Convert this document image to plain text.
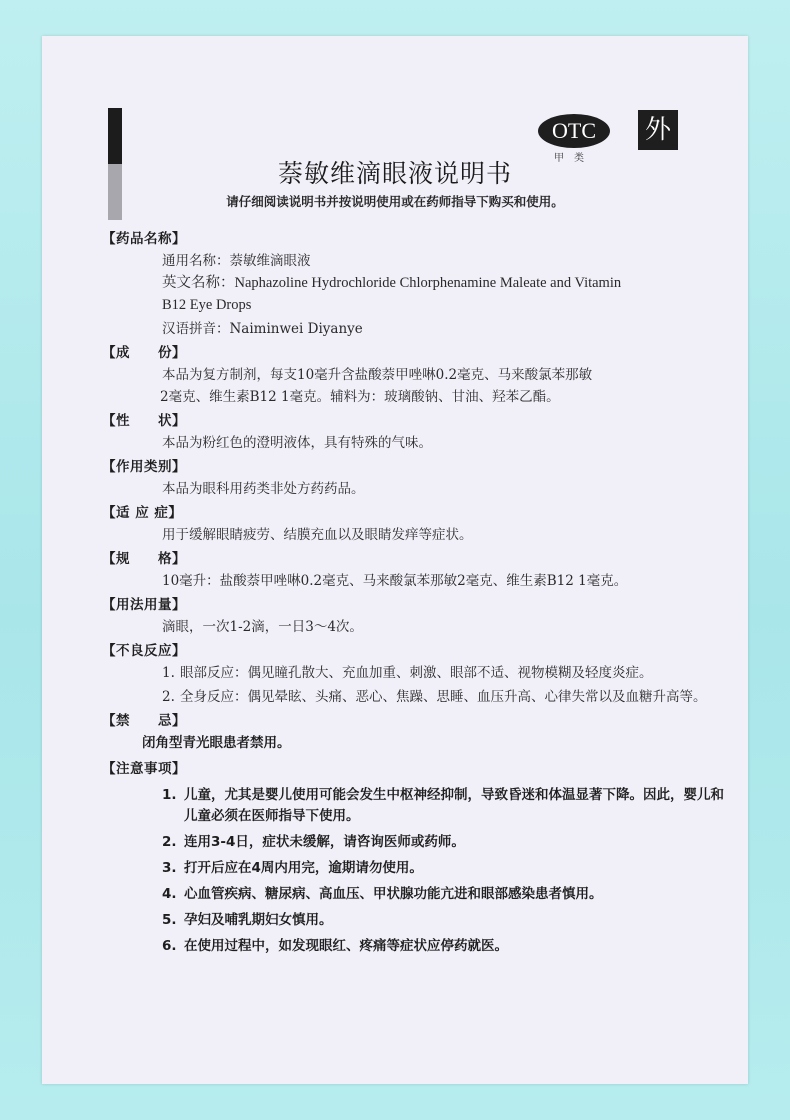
OTC
甲类
外
萘敏维滴眼液说明书
请仔细阅读说明书并按说明使用或在药师指导下购买和使用。
【药品名称】
通用名称：萘敏维滴眼液
英文名称：Naphazoline Hydrochloride Chlorphenamine Maleate and Vitamin
B12 Eye Drops
汉语拼音：Naiminwei Diyanye
【成　　份】
本品为复方制剂，每支10毫升含盐酸萘甲唑啉0.2毫克、马来酸氯苯那敏
2毫克、维生素B12 1毫克。辅料为：玻璃酸钠、甘油、羟苯乙酯。
【性　　状】
本品为粉红色的澄明液体，具有特殊的气味。
【作用类别】
本品为眼科用药类非处方药药品。
【适 应 症】
用于缓解眼睛疲劳、结膜充血以及眼睛发痒等症状。
【规　　格】
10毫升：盐酸萘甲唑啉0.2毫克、马来酸氯苯那敏2毫克、维生素B12 1毫克。
【用法用量】
滴眼，一次1-2滴，一日3～4次。
【不良反应】
1. 眼部反应：偶见瞳孔散大、充血加重、刺激、眼部不适、视物模糊及轻度炎症。
2. 全身反应：偶见晕眩、头痛、恶心、焦躁、思睡、血压升高、心律失常以及血糖升高等。
【禁　　忌】
闭角型青光眼患者禁用。
【注意事项】
1. 儿童，尤其是婴儿使用可能会发生中枢神经抑制，导致昏迷和体温显著下降。因此，婴儿和儿童必须在医师指导下使用。
2. 连用3-4日，症状未缓解，请咨询医师或药师。
3. 打开后应在4周内用完，逾期请勿使用。
4. 心血管疾病、糖尿病、高血压、甲状腺功能亢进和眼部感染患者慎用。
5. 孕妇及哺乳期妇女慎用。
6. 在使用过程中，如发现眼红、疼痛等症状应停药就医。
